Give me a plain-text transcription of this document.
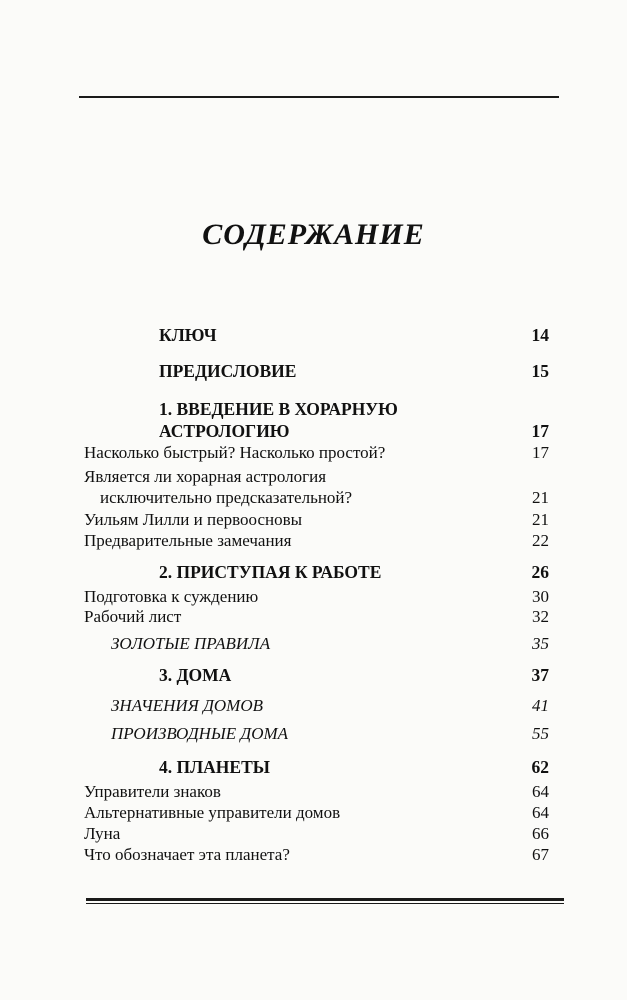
СОДЕРЖАНИЕ
КЛЮЧ	14
ПРЕДИСЛОВИЕ	15
1. ВВЕДЕНИЕ В ХОРАРНУЮ
АСТРОЛОГИЮ	17
Насколько быстрый? Насколько простой?	17
Является ли хорарная астрология
исключительно предсказательной?	21
Уильям Лилли и первоосновы	21
Предварительные замечания	22
2. ПРИСТУПАЯ К РАБОТЕ	26
Подготовка к суждению	30
Рабочий лист	32
ЗОЛОТЫЕ ПРАВИЛА	35
3. ДОМА	37
ЗНАЧЕНИЯ ДОМОВ	41
ПРОИЗВОДНЫЕ ДОМА	55
4. ПЛАНЕТЫ	62
Управители знаков	64
Альтернативные управители домов	64
Луна	66
Что обозначает эта планета?	67
